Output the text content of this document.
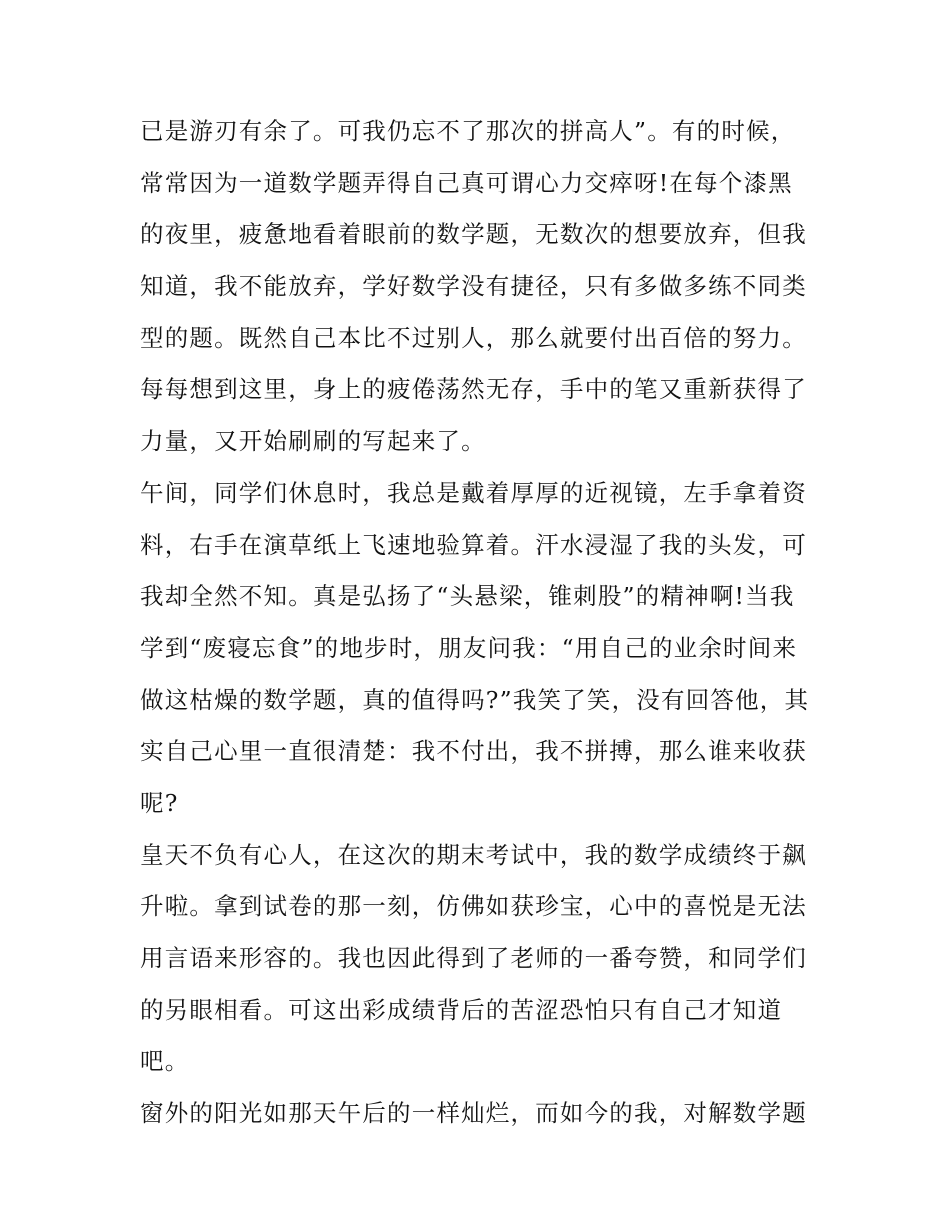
已是游刃有余了。可我仍忘不了那次的拼高人”。有的时候，

常常因为一道数学题弄得自己真可谓心力交瘁呀!在每个漆黑

的夜里，疲惫地看着眼前的数学题，无数次的想要放弃，但我

知道，我不能放弃，学好数学没有捷径，只有多做多练不同类

型的题。既然自己本比不过别人，那么就要付出百倍的努力。

每每想到这里，身上的疲倦荡然无存，手中的笔又重新获得了

力量，又开始刷刷的写起来了。

午间，同学们休息时，我总是戴着厚厚的近视镜，左手拿着资

料，右手在演草纸上飞速地验算着。汗水浸湿了我的头发，可

我却全然不知。真是弘扬了“头悬梁，锥刺股”的精神啊!当我

学到“废寝忘食”的地步时，朋友问我：“用自己的业余时间来

做这枯燥的数学题，真的值得吗?”我笑了笑，没有回答他，其

实自己心里一直很清楚：我不付出，我不拼搏，那么谁来收获

呢?

皇天不负有心人，在这次的期末考试中，我的数学成绩终于飙

升啦。拿到试卷的那一刻，仿佛如获珍宝，心中的喜悦是无法

用言语来形容的。我也因此得到了老师的一番夸赞，和同学们

的另眼相看。可这出彩成绩背后的苦涩恐怕只有自己才知道

吧。

窗外的阳光如那天午后的一样灿烂，而如今的我，对解数学题
